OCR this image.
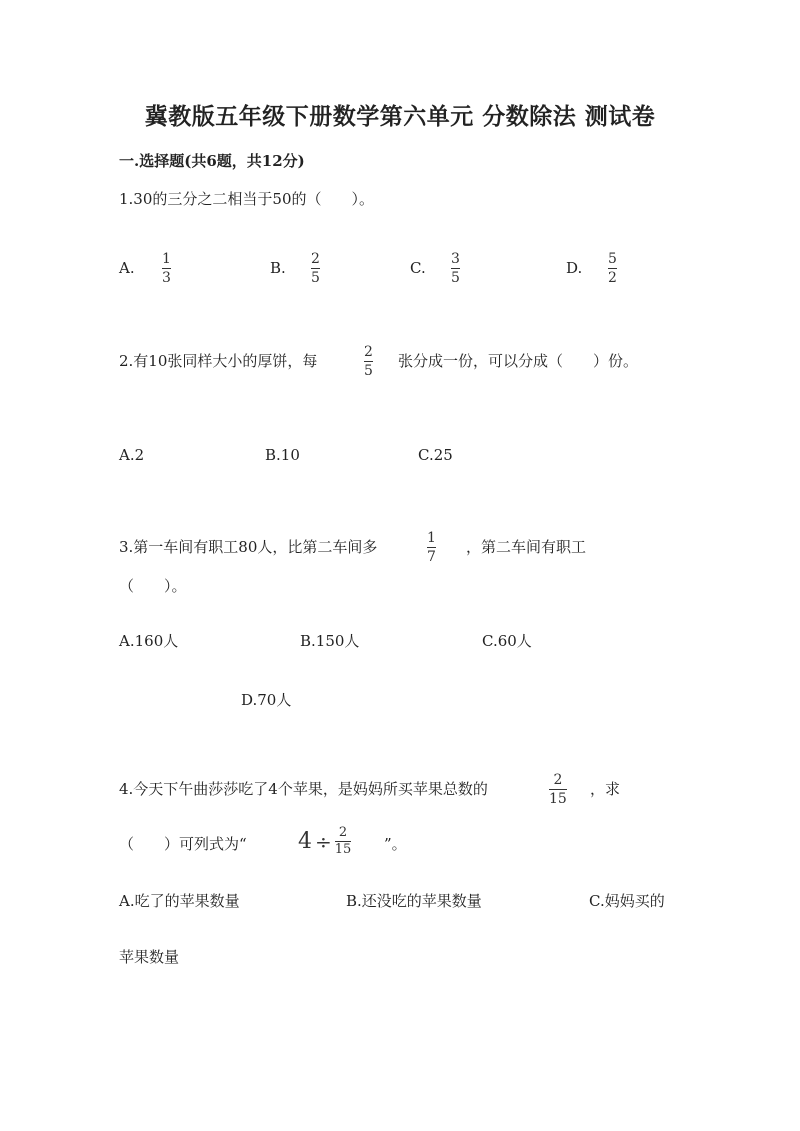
冀教版五年级下册数学第六单元 分数除法 测试卷
一.选择题(共6题，共12分)
1.30的三分之二相当于50的（　　）。
A. 1
3
B. 2
5
C. 3
5
D. 5
2
2.有10张同样大小的厚饼，每	2
5
张分成一份，可以分成（　　）份。
A.2	B.10	C.25
3.第一车间有职工80人，比第二车间多	1
7
，第二车间有职工
（　　）。
A.160人	B.150人	C.60人
D.70人
4.今天下午曲莎莎吃了4个苹果，是妈妈所买苹果总数的	2
15
，求
（　　）可列式为“ $4 \div \frac{2}{15}$ ”。
A.吃了的苹果数量	B.还没吃的苹果数量	C.妈妈买的
苹果数量
